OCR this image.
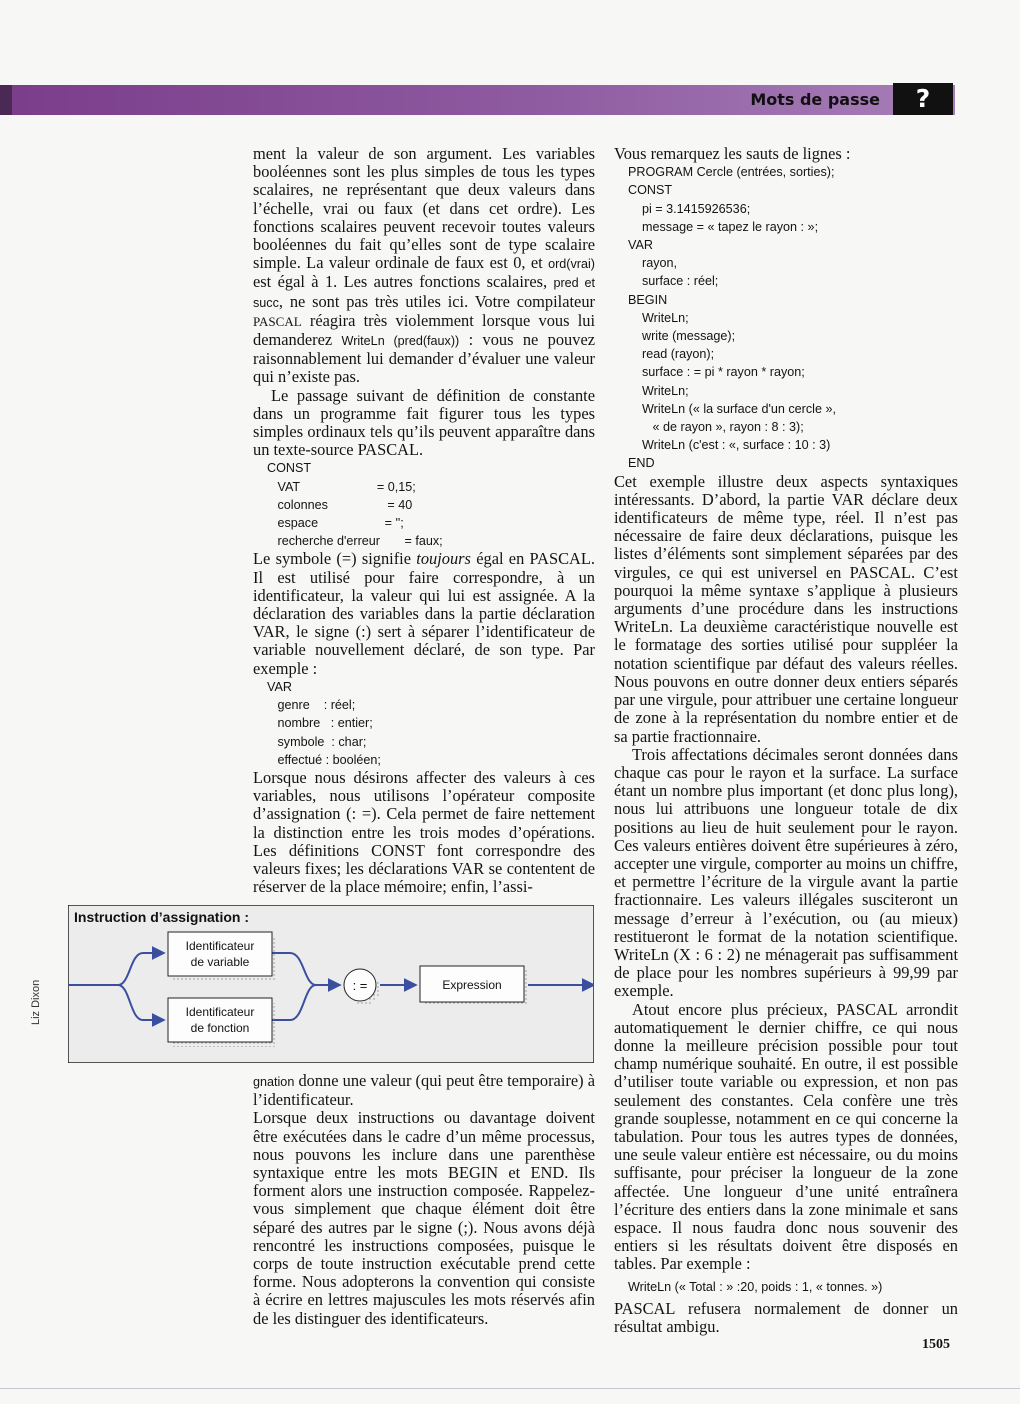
Mots de passe	?

ment la valeur de son argument. Les variables booléennes sont les plus simples de tous les types scalaires, ne représentant que deux valeurs dans l’échelle, vrai ou faux (et dans cet ordre). Les fonctions scalaires peuvent recevoir toutes valeurs booléennes du fait qu’elles sont de type scalaire simple. La valeur ordinale de faux est 0, et ord(vrai) est égal à 1. Les autres fonctions scalaires, pred et succ, ne sont pas très utiles ici. Votre compilateur PASCAL réagira très violemment lorsque vous lui demanderez WriteLn (pred(faux)) : vous ne pouvez raisonnablement lui demander d’évaluer une valeur qui n’existe pas.

Le passage suivant de définition de constante dans un programme fait figurer tous les types simples ordinaux tels qu’ils peuvent apparaître dans un texte-source PASCAL.

CONST
VAT                      = 0,15;
colonnes                 = 40
espace                   = '';
recherche d'erreur       = faux;

Le symbole (=) signifie toujours égal en PASCAL. Il est utilisé pour faire correspondre, à un identificateur, la valeur qui lui est assignée. A la déclaration des variables dans la partie déclaration VAR, le signe (:) sert à séparer l’identificateur de variable nouvellement déclaré, de son type. Par exemple :

VAR
genre    : réel;
nombre   : entier;
symbole  : char;
effectué : booléen;

Lorsque nous désirons affecter des valeurs à ces variables, nous utilisons l’opérateur composite d’assignation (: =). Cela permet de faire nettement la distinction entre les trois modes d’opérations. Les définitions CONST font correspondre des valeurs fixes; les déclarations VAR se contentent de réserver de la place mémoire; enfin, l’assi-

Instruction d’assignation :
Identificateur
de variable
Identificateur
de fonction
: =	Expression
Liz Dixon

gnation donne une valeur (qui peut être temporaire) à l’identificateur.

Lorsque deux instructions ou davantage doivent être exécutées dans le cadre d’un même processus, nous pouvons les inclure dans une parenthèse syntaxique entre les mots BEGIN et END. Ils forment alors une instruction composée. Rappelez-vous simplement que chaque élément doit être séparé des autres par le signe (;). Nous avons déjà rencontré les instructions composées, puisque le corps de toute instruction exécutable prend cette forme. Nous adopterons la convention qui consiste à écrire en lettres majuscules les mots réservés afin de les distinguer des identificateurs.

Vous remarquez les sauts de lignes :

PROGRAM Cercle (entrées, sorties);
CONST
pi = 3.1415926536;
message = « tapez le rayon : »;
VAR
rayon,
surface : réel;
BEGIN
WriteLn;
write (message);
read (rayon);
surface : = pi * rayon * rayon;
WriteLn;
WriteLn (« la surface d'un cercle »,
« de rayon », rayon : 8 : 3);
WriteLn (c'est : «, surface : 10 : 3)
END

Cet exemple illustre deux aspects syntaxiques intéressants. D’abord, la partie VAR déclare deux identificateurs de même type, réel. Il n’est pas nécessaire de faire deux déclarations, puisque les listes d’éléments sont simplement séparées par des virgules, ce qui est universel en PASCAL. C’est pourquoi la même syntaxe s’applique à plusieurs arguments d’une procédure dans les instructions WriteLn. La deuxième caractéristique nouvelle est le formatage des sorties utilisé pour suppléer la notation scientifique par défaut des valeurs réelles. Nous pouvons en outre donner deux entiers séparés par une virgule, pour attribuer une certaine longueur de zone à la représentation du nombre entier et de sa partie fractionnaire.

Trois affectations décimales seront données dans chaque cas pour le rayon et la surface. La surface étant un nombre plus important (et donc plus long), nous lui attribuons une longueur totale de dix positions au lieu de huit seulement pour le rayon. Ces valeurs entières doivent être supérieures à zéro, accepter une virgule, comporter au moins un chiffre, et permettre l’écriture de la virgule avant la partie fractionnaire. Les valeurs illégales susciteront un message d’erreur à l’exécution, ou (au mieux) restitueront le format de la notation scientifique. WriteLn (X : 6 : 2) ne ménagerait pas suffisamment de place pour les nombres supérieurs à 99,99 par exemple.

Atout encore plus précieux, PASCAL arrondit automatiquement le dernier chiffre, ce qui nous donne la meilleure précision possible pour tout champ numérique souhaité. En outre, il est possible d’utiliser toute variable ou expression, et non pas seulement des constantes. Cela confère une très grande souplesse, notamment en ce qui concerne la tabulation. Pour tous les autres types de données, une seule valeur entière est nécessaire, ou du moins suffisante, pour préciser la longueur de la zone affectée. Une longueur d’une unité entraînera l’écriture des entiers dans la zone minimale et sans espace. Il nous faudra donc nous souvenir des entiers si les résultats doivent être disposés en tables. Par exemple :

WriteLn (« Total : » :20, poids : 1, « tonnes. »)

PASCAL refusera normalement de donner un résultat ambigu.

1505
